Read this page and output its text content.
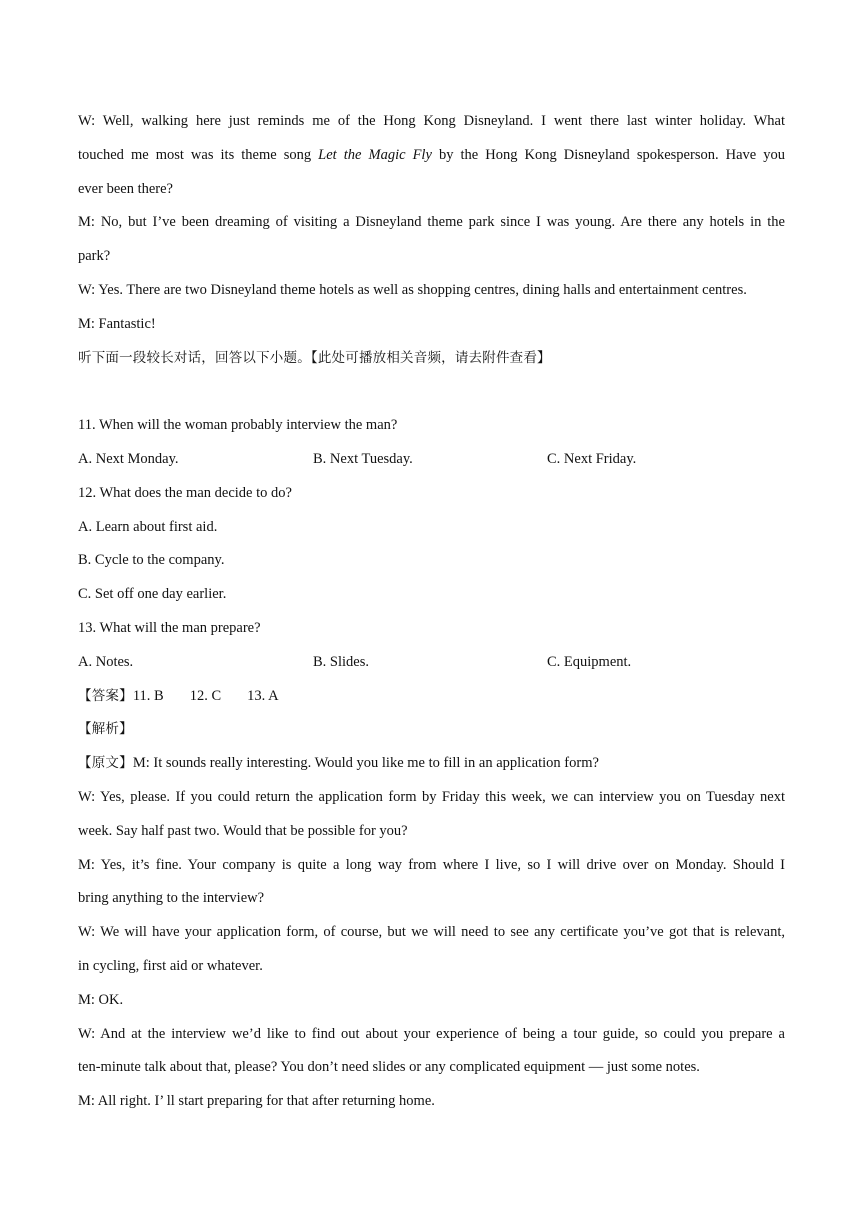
W: Well, walking here just reminds me of the Hong Kong Disneyland. I went there last winter holiday. What
touched me most was its theme song Let the Magic Fly by the Hong Kong Disneyland spokesperson. Have you
ever been there?
M: No, but I’ve been dreaming of visiting a Disneyland theme park since I was young. Are there any hotels in the
park?
W: Yes. There are two Disneyland theme hotels as well as shopping centres, dining halls and entertainment centres.
M: Fantastic!
听下面一段较长对话，回答以下小题。【此处可播放相关音频，请去附件查看】
11. When will the woman probably interview the man?
A. Next Monday.	B. Next Tuesday.	C. Next Friday.
12. What does the man decide to do?
A. Learn about first aid.
B. Cycle to the company.
C. Set off one day earlier.
13. What will the man prepare?
A. Notes.	B. Slides.	C. Equipment.
【答案】11. B 12. C 13. A
【解析】
【原文】M: It sounds really interesting. Would you like me to fill in an application form?
W: Yes, please. If you could return the application form by Friday this week, we can interview you on Tuesday next
week. Say half past two. Would that be possible for you?
M: Yes, it’s fine. Your company is quite a long way from where I live, so I will drive over on Monday. Should I
bring anything to the interview?
W: We will have your application form, of course, but we will need to see any certificate you’ve got that is relevant,
in cycling, first aid or whatever.
M: OK.
W: And at the interview we’d like to find out about your experience of being a tour guide, so could you prepare a
ten-minute talk about that, please? You don’t need slides or any complicated equipment — just some notes.
M: All right. I’ ll start preparing for that after returning home.
